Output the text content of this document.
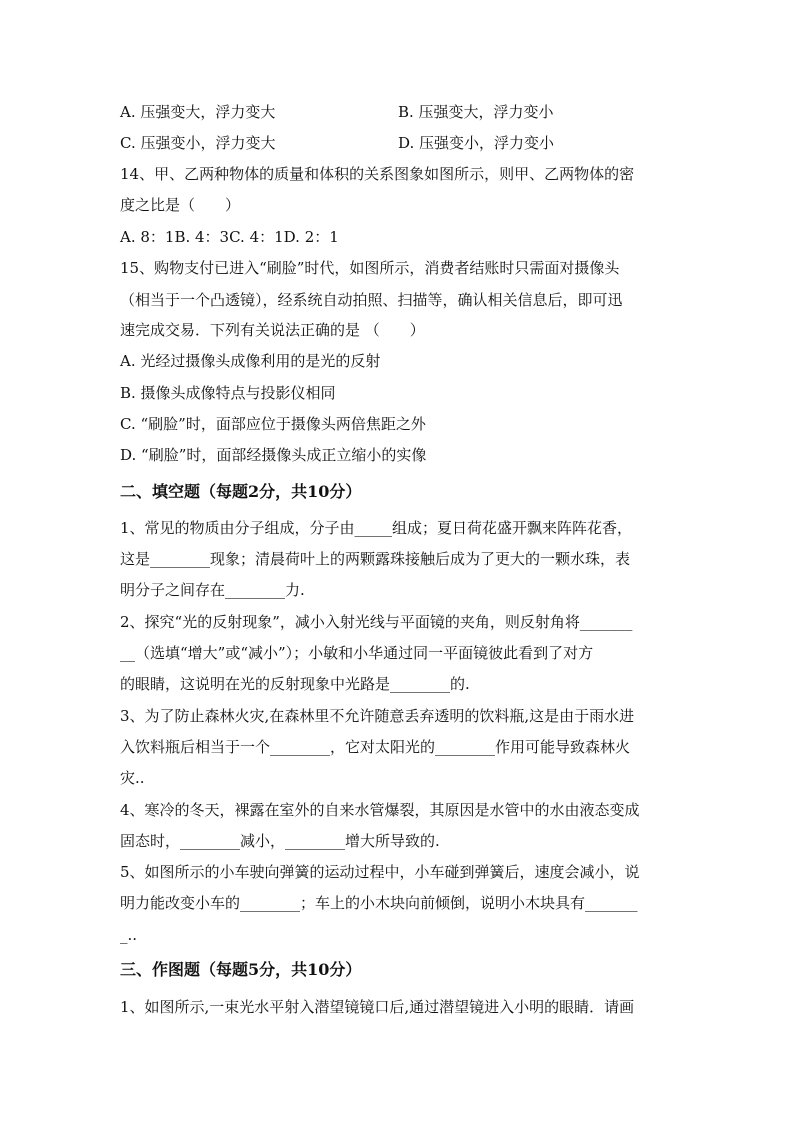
A. 压强变大，浮力变大	B. 压强变大，浮力变小
C. 压强变小，浮力变大	D. 压强变小，浮力变小
14、甲、乙两种物体的质量和体积的关系图象如图所示，则甲、乙两物体的密
度之比是（　　）
A. 8：1B. 4：3C. 4：1D. 2：1
15、购物支付已进入“刷脸”时代，如图所示，消费者结账时只需面对摄像头
（相当于一个凸透镜），经系统自动拍照、扫描等，确认相关信息后，即可迅
速完成交易．下列有关说法正确的是 （　　）
A. 光经过摄像头成像利用的是光的反射
B. 摄像头成像特点与投影仪相同
C. “刷脸”时，面部应位于摄像头两倍焦距之外
D. “刷脸”时，面部经摄像头成正立缩小的实像
二、填空题（每题2分，共10分）
1、常见的物质由分子组成，分子由_____组成；夏日荷花盛开飘来阵阵花香，
这是________现象；清晨荷叶上的两颗露珠接触后成为了更大的一颗水珠，表
明分子之间存在________力.
2、探究“光的反射现象”，减小入射光线与平面镜的夹角，则反射角将_______
__（选填“增大”或“减小”）；小敏和小华通过同一平面镜彼此看到了对方
的眼睛，这说明在光的反射现象中光路是________的.
3、为了防止森林火灾,在森林里不允许随意丢弃透明的饮料瓶,这是由于雨水进
入饮料瓶后相当于一个________，它对太阳光的________作用可能导致森林火
灾..
4、寒冷的冬天，裸露在室外的自来水管爆裂，其原因是水管中的水由液态变成
固态时，________减小，________增大所导致的.
5、如图所示的小车驶向弹簧的运动过程中，小车碰到弹簧后，速度会减小，说
明力能改变小车的________；车上的小木块向前倾倒，说明小木块具有_______
_..
三、作图题（每题5分，共10分）
1、如图所示,一束光水平射入潜望镜镜口后,通过潜望镜进入小明的眼睛．请画
